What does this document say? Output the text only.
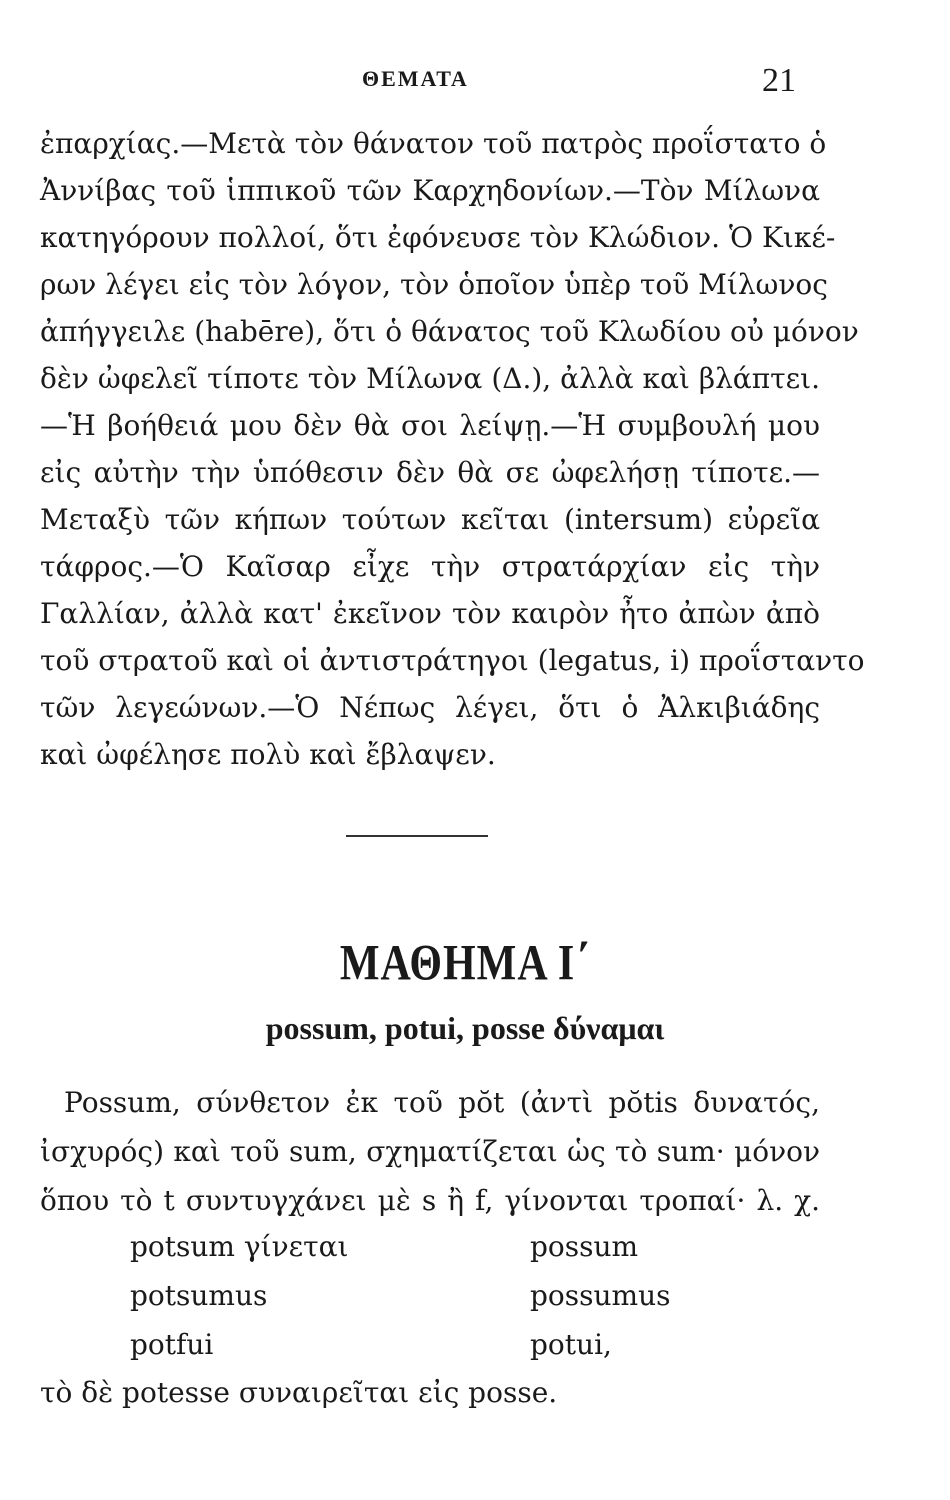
ΘΕΜΑΤΑ	21
ἐπαρχίας.—Μετὰ τὸν θάνατον τοῦ πατρὸς προΐστατο ὁ
Ἀννίβας τοῦ ἱππικοῦ τῶν Καρχηδονίων.—Τὸν Μίλωνα
κατηγόρουν πολλοί, ὅτι ἐφόνευσε τὸν Κλώδιον. Ὁ Κικέ-
ρων λέγει εἰς τὸν λόγον, τὸν ὁποῖον ὑπὲρ τοῦ Μίλωνος
ἀπήγγειλε (habēre), ὅτι ὁ θάνατος τοῦ Κλωδίου οὐ μόνον
δὲν ὠφελεῖ τίποτε τὸν Μίλωνα (Δ.), ἀλλὰ καὶ βλάπτει.
—Ἡ βοήθειά μου δὲν θὰ σοι λείψῃ.—Ἡ συμβουλή μου
εἰς αὐτὴν τὴν ὑπόθεσιν δὲν θὰ σε ὠφελήσῃ τίποτε.—
Μεταξὺ τῶν κήπων τούτων κεῖται (intersum) εὐρεῖα
τάφρος.—Ὁ Καῖσαρ εἶχε τὴν στρατάρχίαν εἰς τὴν
Γαλλίαν, ἀλλὰ κατ' ἐκεῖνον τὸν καιρὸν ἦτο ἀπὼν ἀπὸ
τοῦ στρατοῦ καὶ οἱ ἀντιστράτηγοι (legatus, i) προΐσταντο
τῶν λεγεώνων.—Ὁ Νέπως λέγει, ὅτι ὁ Ἀλκιβιάδης
καὶ ὠφέλησε πολὺ καὶ ἔβλαψεν.
ΜΑΘΗΜΑ Ι΄
possum, potui, posse δύναμαι
Possum, σύνθετον ἐκ τοῦ pŏt (ἀντὶ pŏtis δυνατός,
ἰσχυρός) καὶ τοῦ sum, σχηματίζεται ὡς τὸ sum· μόνον
ὅπου τὸ t συντυγχάνει μὲ s ἢ f, γίνονται τροπαί· λ. χ.
potsum γίνεται	possum
potsumus	possumus
potfui	potui,
τὸ δὲ potesse συναιρεῖται εἰς posse.
